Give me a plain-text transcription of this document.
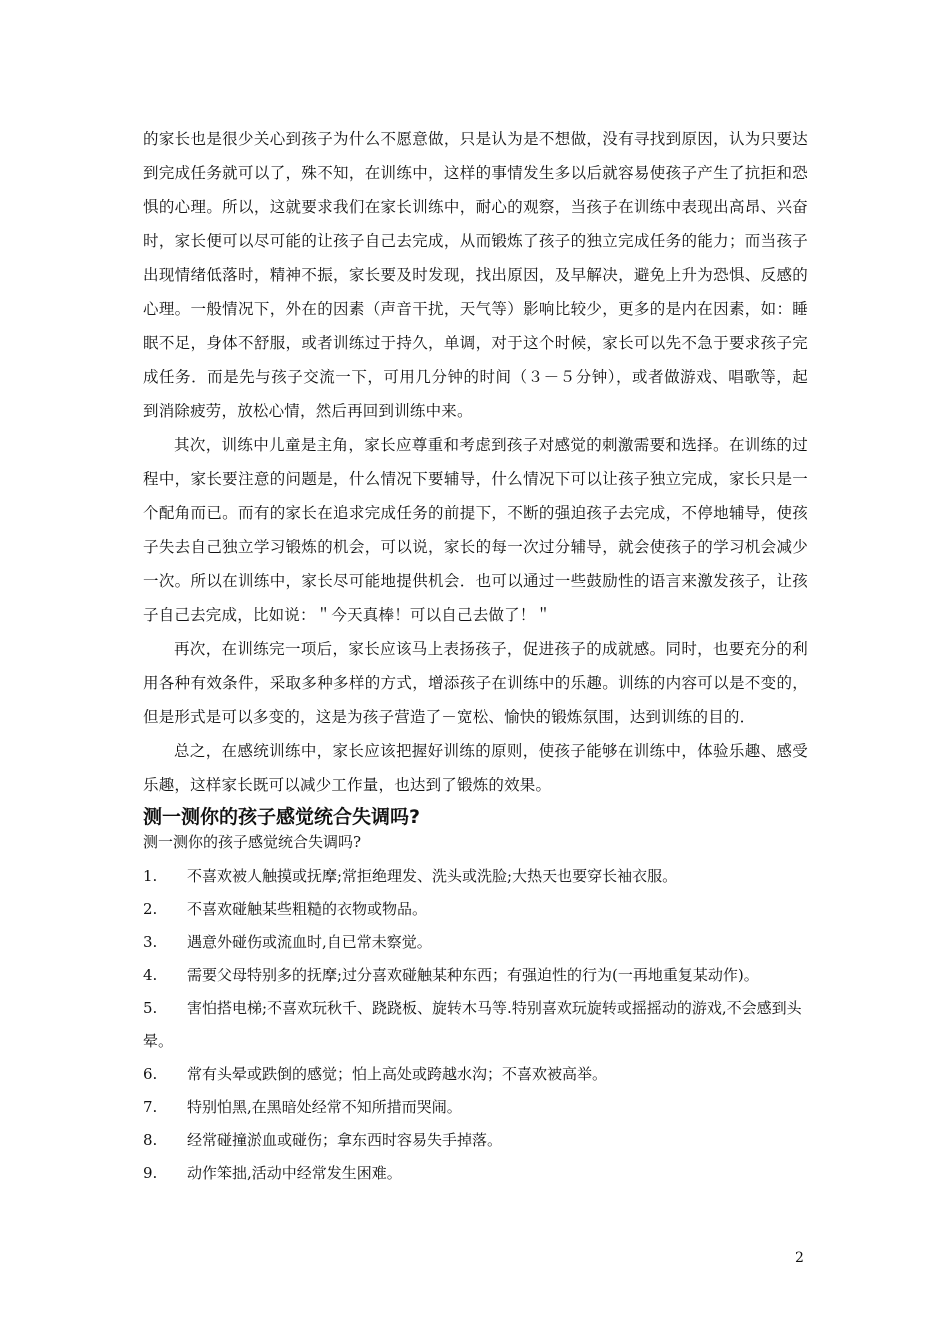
的家长也是很少关心到孩子为什么不愿意做，只是认为是不想做，没有寻找到原因，认为只要达到完成任务就可以了，殊不知，在训练中，这样的事情发生多以后就容易使孩子产生了抗拒和恐惧的心理。所以，这就要求我们在家长训练中，耐心的观察，当孩子在训练中表现出高昂、兴奋时，家长便可以尽可能的让孩子自己去完成，从而锻炼了孩子的独立完成任务的能力；而当孩子出现情绪低落时，精神不振，家长要及时发现，找出原因，及早解决，避免上升为恐惧、反感的心理。一般情况下，外在的因素（声音干扰，天气等）影响比较少，更多的是内在因素，如：睡眠不足，身体不舒服，或者训练过于持久，单调，对于这个时候，家长可以先不急于要求孩子完成任务．而是先与孩子交流一下，可用几分钟的时间（３－５分钟），或者做游戏、唱歌等，起到消除疲劳，放松心情，然后再回到训练中来。

其次，训练中儿童是主角，家长应尊重和考虑到孩子对感觉的刺激需要和选择。在训练的过程中，家长要注意的问题是，什么情况下要辅导，什么情况下可以让孩子独立完成，家长只是一个配角而已。而有的家长在追求完成任务的前提下，不断的强迫孩子去完成，不停地辅导，使孩子失去自己独立学习锻炼的机会，可以说，家长的每一次过分辅导，就会使孩子的学习机会减少一次。所以在训练中，家长尽可能地提供机会．也可以通过一些鼓励性的语言来激发孩子，让孩子自己去完成，比如说：＂今天真棒！可以自己去做了！＂

再次，在训练完一项后，家长应该马上表扬孩子，促进孩子的成就感。同时，也要充分的利用各种有效条件，采取多种多样的方式，增添孩子在训练中的乐趣。训练的内容可以是不变的，但是形式是可以多变的，这是为孩子营造了－宽松、愉快的锻炼氛围，达到训练的目的．

总之，在感统训练中，家长应该把握好训练的原则，使孩子能够在训练中，体验乐趣、感受乐趣，这样家长既可以减少工作量，也达到了锻炼的效果。

测一测你的孩子感觉统合失调吗?

测一测你的孩子感觉统合失调吗?

1.	不喜欢被人触摸或抚摩;常拒绝理发、洗头或洗脸;大热天也要穿长袖衣服。
2.	不喜欢碰触某些粗糙的衣物或物品。
3.	遇意外碰伤或流血时,自已常未察觉。
4. 需要父母特别多的抚摩;过分喜欢碰触某种东西；有强迫性的行为(一再地重复某动作)。
5. 害怕搭电梯;不喜欢玩秋千、跷跷板、旋转木马等.特别喜欢玩旋转或摇摇动的游戏,不会感到头晕。
6.	常有头晕或跌倒的感觉；怕上高处或跨越水沟；不喜欢被高举。
7.	特别怕黑,在黑暗处经常不知所措而哭闹。
8.	经常碰撞淤血或碰伤；拿东西时容易失手掉落。
9.	动作笨拙,活动中经常发生困难。
2
